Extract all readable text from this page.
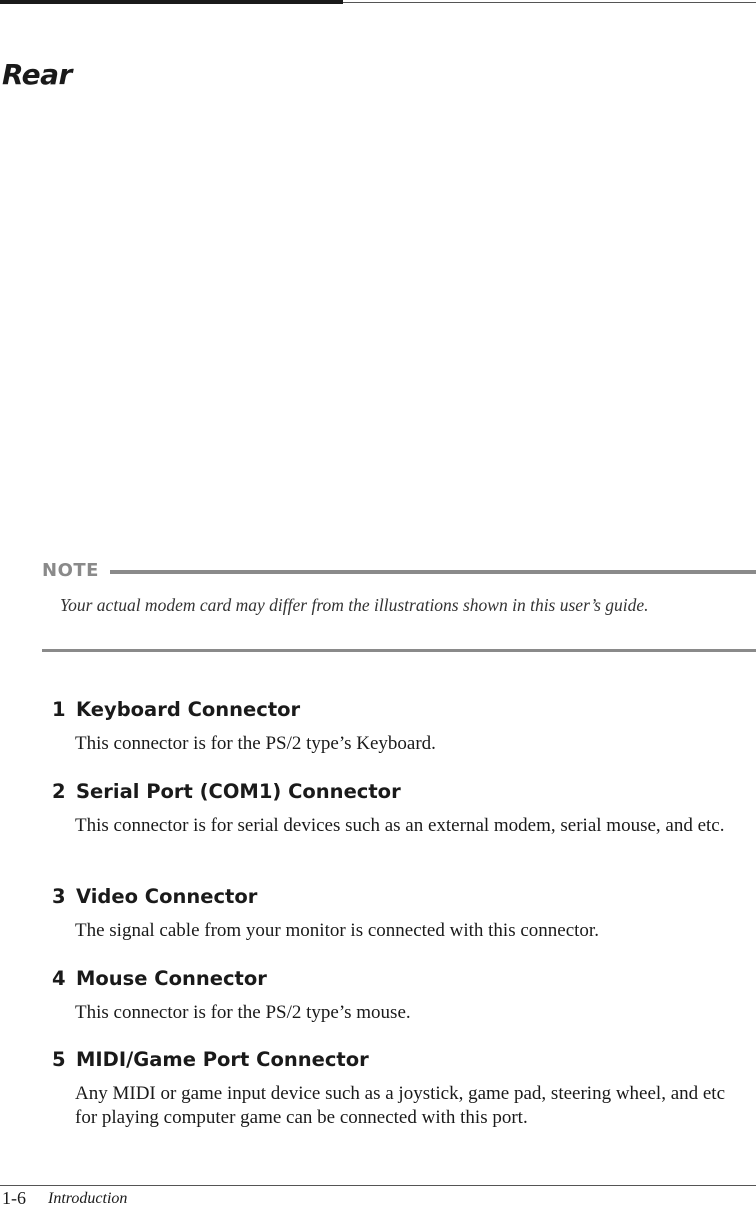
Rear
NOTE

Your actual modem card may differ from the illustrations shown in this user’s guide.

1 Keyboard Connector

This connector is for the PS/2 type’s Keyboard.

2 Serial Port (COM1) Connector

This connector is for serial devices such as an external modem, serial mouse, and etc.

3 Video Connector

The signal cable from your monitor is connected with this connector.

4 Mouse Connector

This connector is for the PS/2 type’s mouse.

5 MIDI/Game Port Connector

Any MIDI or game input device such as a joystick, game pad, steering wheel, and etc for playing computer game can be connected with this port.

1-6 Introduction
